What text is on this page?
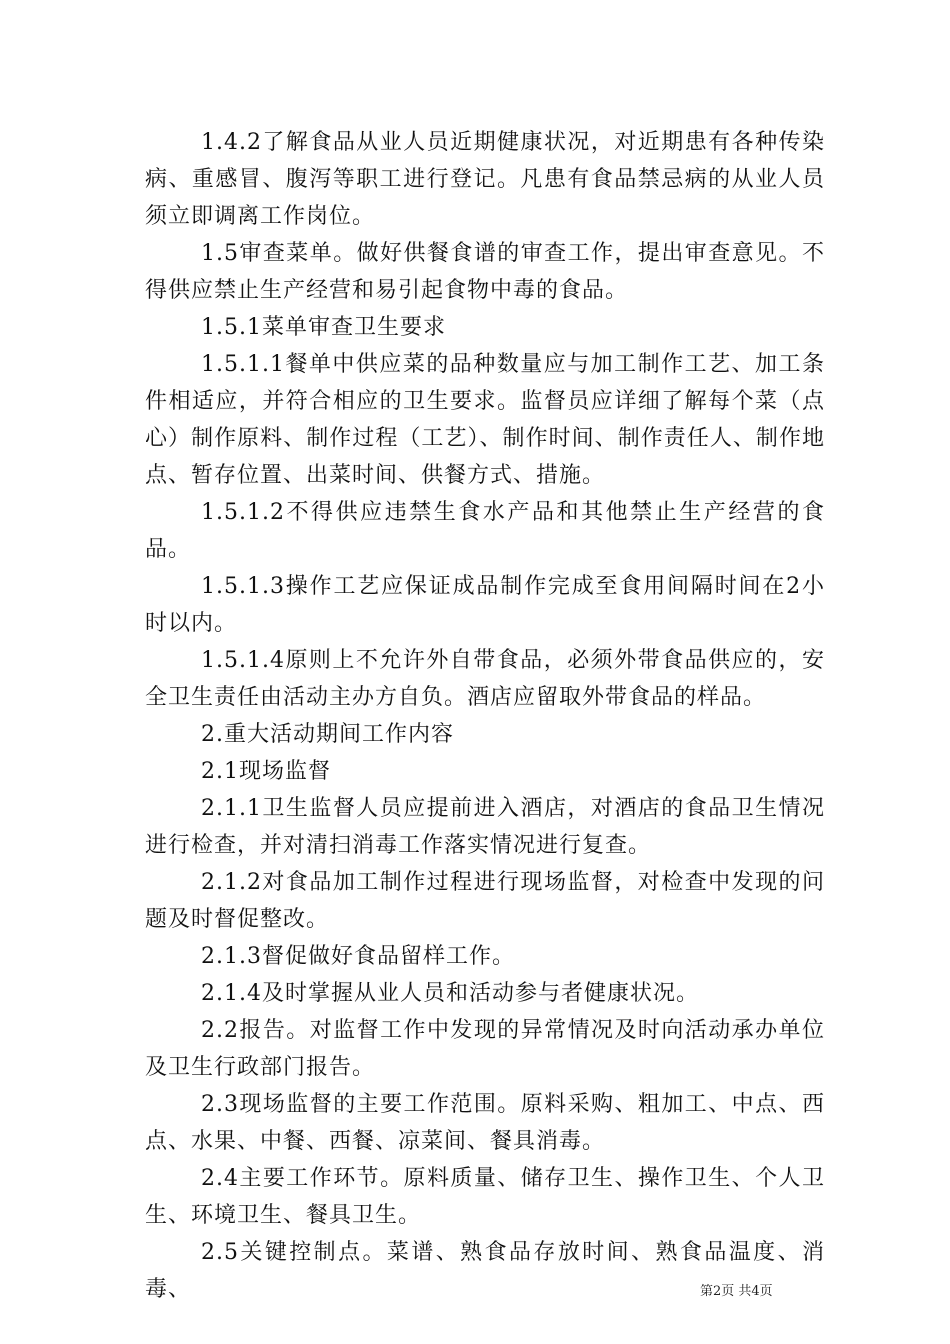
1.4.2了解食品从业人员近期健康状况，对近期患有各种传染病、重感冒、腹泻等职工进行登记。凡患有食品禁忌病的从业人员须立即调离工作岗位。

1.5审查菜单。做好供餐食谱的审查工作，提出审查意见。不得供应禁止生产经营和易引起食物中毒的食品。

1.5.1菜单审查卫生要求

1.5.1.1餐单中供应菜的品种数量应与加工制作工艺、加工条件相适应，并符合相应的卫生要求。监督员应详细了解每个菜（点心）制作原料、制作过程（工艺）、制作时间、制作责任人、制作地点、暂存位置、出菜时间、供餐方式、措施。

1.5.1.2不得供应违禁生食水产品和其他禁止生产经营的食品。

1.5.1.3操作工艺应保证成品制作完成至食用间隔时间在2小时以内。

1.5.1.4原则上不允许外自带食品，必须外带食品供应的，安全卫生责任由活动主办方自负。酒店应留取外带食品的样品。

2.重大活动期间工作内容

2.1现场监督

2.1.1卫生监督人员应提前进入酒店，对酒店的食品卫生情况进行检查，并对清扫消毒工作落实情况进行复查。

2.1.2对食品加工制作过程进行现场监督，对检查中发现的问题及时督促整改。

2.1.3督促做好食品留样工作。

2.1.4及时掌握从业人员和活动参与者健康状况。

2.2报告。对监督工作中发现的异常情况及时向活动承办单位及卫生行政部门报告。

2.3现场监督的主要工作范围。原料采购、粗加工、中点、西点、水果、中餐、西餐、凉菜间、餐具消毒。

2.4主要工作环节。原料质量、储存卫生、操作卫生、个人卫生、环境卫生、餐具卫生。

2.5关键控制点。菜谱、熟食品存放时间、熟食品温度、消毒、	第2页 共4页
